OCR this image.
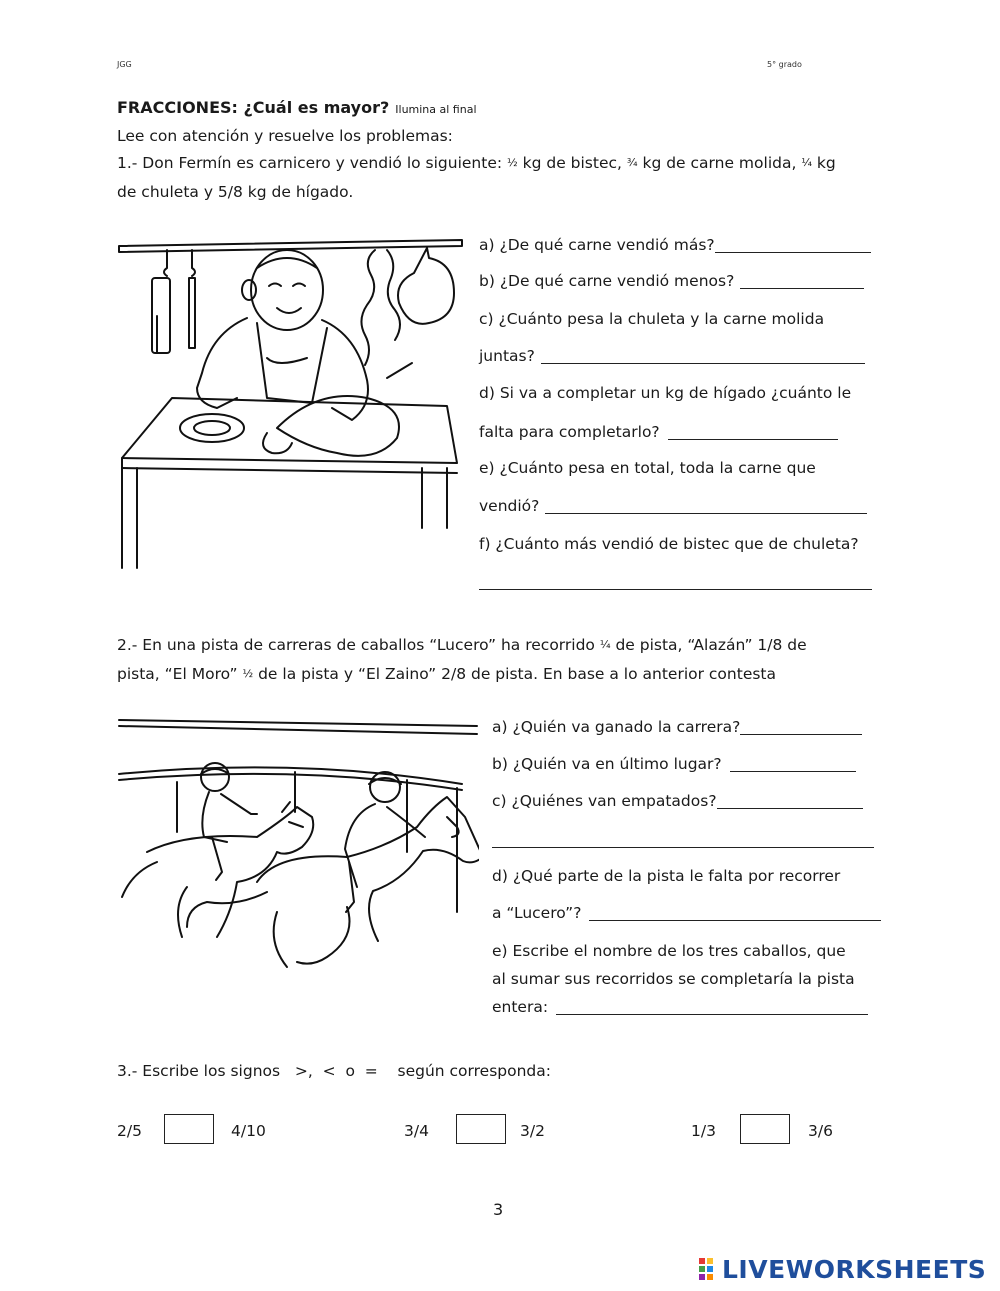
JGG	5° grado
FRACCIONES: ¿Cuál es mayor? Ilumina al final
Lee con atención y resuelve los problemas:
1.- Don Fermín es carnicero y vendió lo siguiente: ½ kg de bistec, ¾ kg de carne molida, ¼ kg
de chuleta y 5/8 kg de hígado.
a) ¿De qué carne vendió más?
b) ¿De qué carne vendió menos?
c) ¿Cuánto pesa la chuleta y la carne molida
juntas?
d) Si va a completar un kg de hígado ¿cuánto le
falta para completarlo?
e) ¿Cuánto pesa en total, toda la carne que
vendió?
f) ¿Cuánto más vendió de bistec que de chuleta?
2.- En una pista de carreras de caballos “Lucero” ha recorrido ¼ de pista, “Alazán” 1/8 de
pista, “El Moro” ½ de la pista y “El Zaino” 2/8 de pista. En base a lo anterior contesta
a) ¿Quién va ganado la carrera?
b) ¿Quién va en último lugar?
c) ¿Quiénes van empatados?
d) ¿Qué parte de la pista le falta por recorrer
a “Lucero”?
e) Escribe el nombre de los tres caballos, que
al sumar sus recorridos se completaría la pista
entera:
3.- Escribe los signos   >,  <  o  =    según corresponda:
2/5	4/10	3/4	3/2	1/3	3/6
3
LIVEWORKSHEETS
